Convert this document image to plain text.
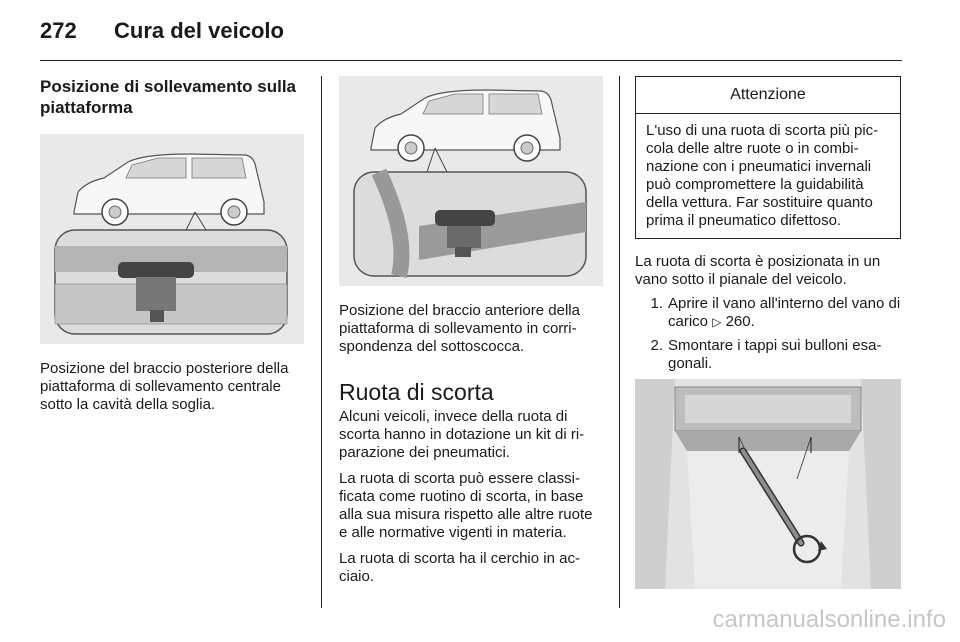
272 Cura del veicolo
Posizione di sollevamento sulla piattaforma

Posizione del braccio posteriore della piattaforma di sollevamento centrale sotto la cavità della soglia.

Posizione del braccio anteriore della piattaforma di sollevamento in corri-spondenza del sottoscocca.

Ruota di scorta

Alcuni veicoli, invece della ruota di scorta hanno in dotazione un kit di ri-parazione dei pneumatici.

La ruota di scorta può essere classi-ficata come ruotino di scorta, in base alla sua misura rispetto alle altre ruote e alle normative vigenti in materia.

La ruota di scorta ha il cerchio in ac-ciaio.

Attenzione
L'uso di una ruota di scorta più pic-cola delle altre ruote o in combi-nazione con i pneumatici invernali può compromettere la guidabilità della vettura. Far sostituire quanto prima il pneumatico difettoso.

La ruota di scorta è posizionata in un vano sotto il pianale del veicolo.

1. Aprire il vano all'interno del vano di carico ▷ 260.
2. Smontare i tappi sui bulloni esa-gonali.
carmanualsonline.info
